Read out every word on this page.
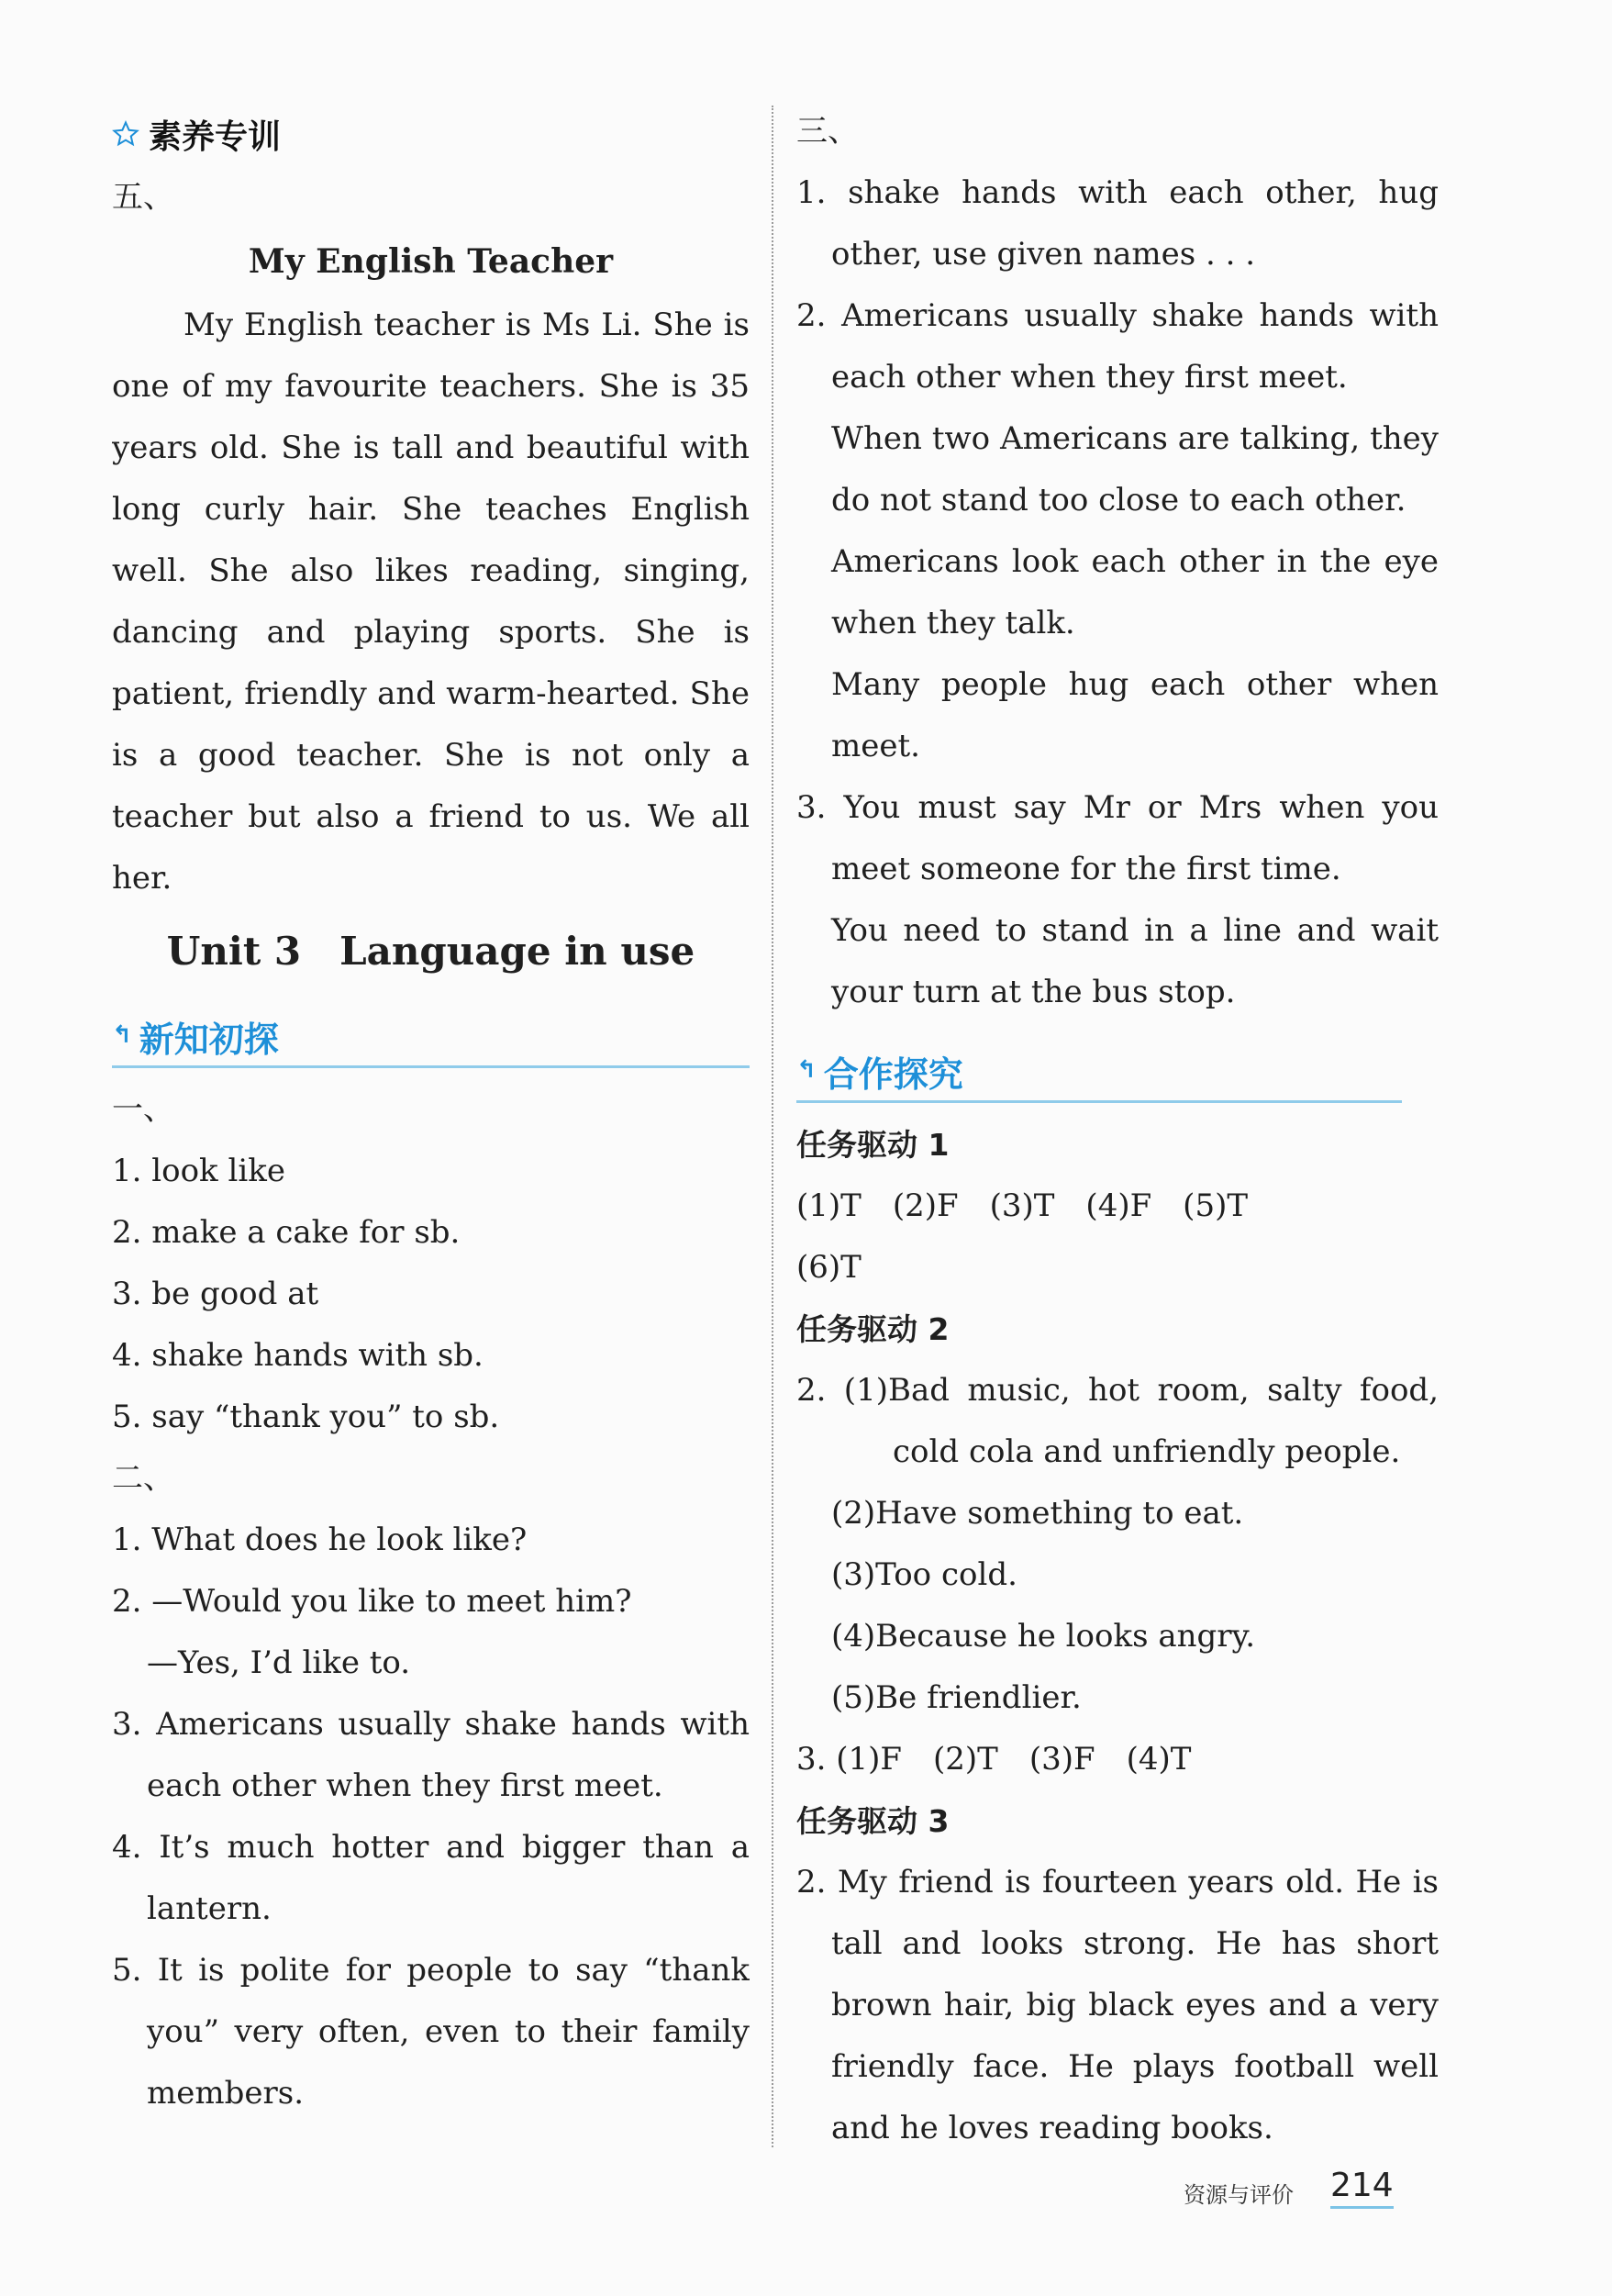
素养专训
五、
My English Teacher
My English teacher is Ms Li. She is
one of my favourite teachers. She is 35
years old. She is tall and beautiful with
long curly hair. She teaches English
well. She also likes reading, singing,
dancing and playing sports. She is
patient, friendly and warm-hearted. She
is a good teacher. She is not only a
teacher but also a friend to us. We all
her.
Unit 3　Language in use
↰ 新知初探
一、
1. look like
2. make a cake for sb.
3. be good at
4. shake hands with sb.
5. say “thank you” to sb.
二、
1. What does he look like?
2. —Would you like to meet him?
—Yes, I’d like to.
3. Americans usually shake hands with
each other when they first meet.
4. It’s much hotter and bigger than a
lantern.
5. It is polite for people to say “thank
you” very often, even to their family
members.
三、
1. shake hands with each other, hug
other, use given names . . .
2. Americans usually shake hands with
each other when they first meet.
When two Americans are talking, they
do not stand too close to each other.
Americans look each other in the eye
when they talk.
Many people hug each other when
meet.
3. You must say Mr or Mrs when you
meet someone for the first time.
You need to stand in a line and wait
your turn at the bus stop.
↰ 合作探究
任务驱动 1
(1)T　(2)F　(3)T　(4)F　(5)T
(6)T
任务驱动 2
2. (1)Bad music, hot room, salty food,
cold cola and unfriendly people.
(2)Have something to eat.
(3)Too cold.
(4)Because he looks angry.
(5)Be friendlier.
3. (1)F　(2)T　(3)F　(4)T
任务驱动 3
2. My friend is fourteen years old. He is
tall and looks strong. He has short
brown hair, big black eyes and a very
friendly face. He plays football well
and he loves reading books.
资源与评价 214
